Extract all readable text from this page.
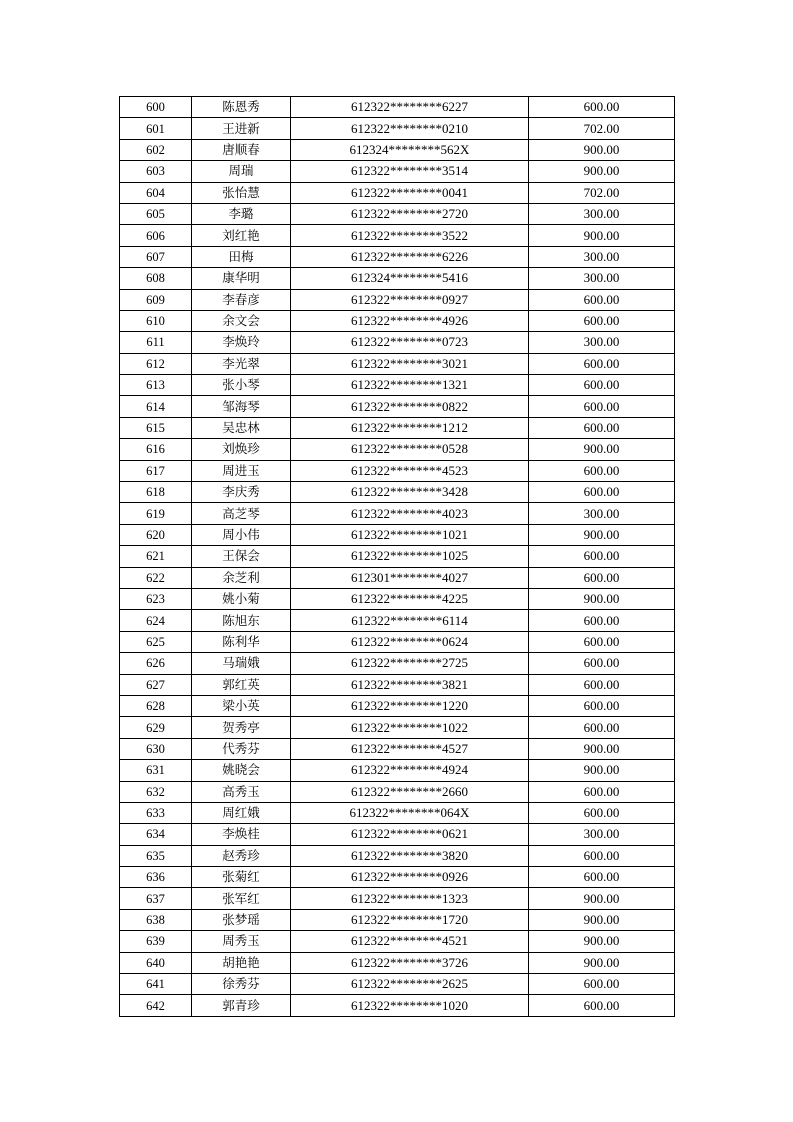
600	陈恩秀	612322********6227	600.00
601	王进新	612322********0210	702.00
602	唐顺春	612324********562X	900.00
603	周瑞	612322********3514	900.00
604	张怡慧	612322********0041	702.00
605	李璐	612322********2720	300.00
606	刘红艳	612322********3522	900.00
607	田梅	612322********6226	300.00
608	康华明	612324********5416	300.00
609	李春彦	612322********0927	600.00
610	余文会	612322********4926	600.00
611	李焕玲	612322********0723	300.00
612	李光翠	612322********3021	600.00
613	张小琴	612322********1321	600.00
614	邹海琴	612322********0822	600.00
615	吴忠林	612322********1212	600.00
616	刘焕珍	612322********0528	900.00
617	周进玉	612322********4523	600.00
618	李庆秀	612322********3428	600.00
619	高芝琴	612322********4023	300.00
620	周小伟	612322********1021	900.00
621	王保会	612322********1025	600.00
622	余芝利	612301********4027	600.00
623	姚小菊	612322********4225	900.00
624	陈旭东	612322********6114	600.00
625	陈利华	612322********0624	600.00
626	马瑞娥	612322********2725	600.00
627	郭红英	612322********3821	600.00
628	梁小英	612322********1220	600.00
629	贺秀亭	612322********1022	600.00
630	代秀芬	612322********4527	900.00
631	姚晓会	612322********4924	900.00
632	高秀玉	612322********2660	600.00
633	周红娥	612322********064X	600.00
634	李焕桂	612322********0621	300.00
635	赵秀珍	612322********3820	600.00
636	张菊红	612322********0926	600.00
637	张军红	612322********1323	900.00
638	张梦瑶	612322********1720	900.00
639	周秀玉	612322********4521	900.00
640	胡艳艳	612322********3726	900.00
641	徐秀芬	612322********2625	600.00
642	郭青珍	612322********1020	600.00
